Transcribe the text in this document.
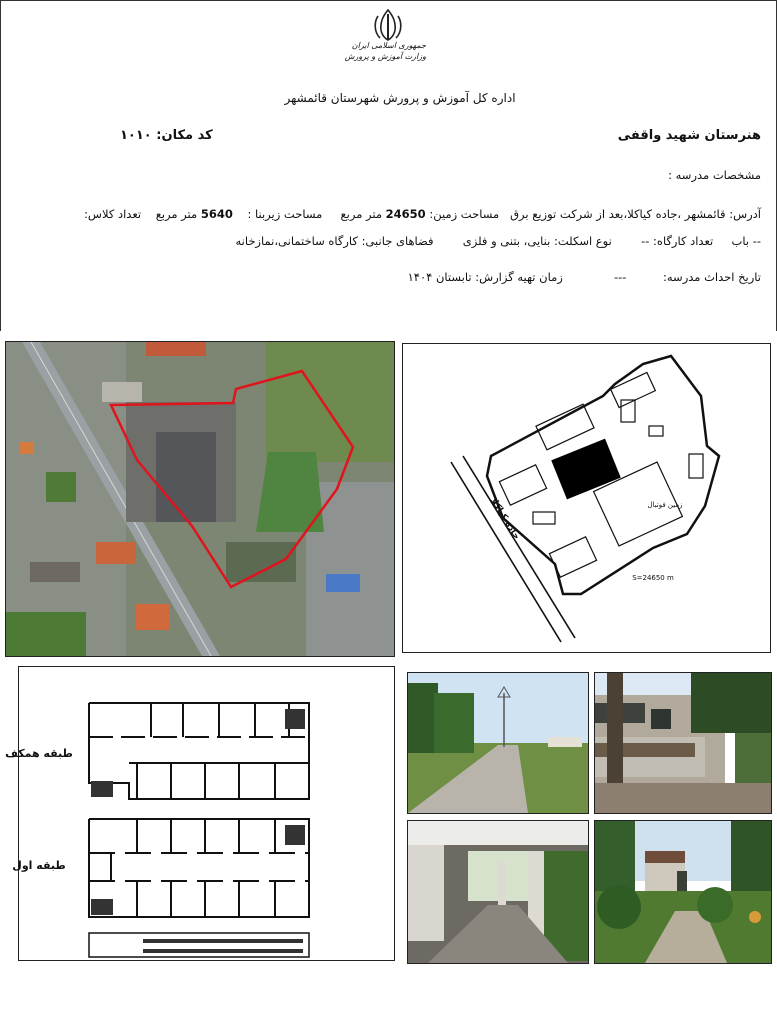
جمهوری اسلامی ایران
وزارت آموزش و پرورش
اداره کل آموزش و پرورش شهرستان قائمشهر
هنرستان شهید واقفی
کد مکان: ۱۰۱۰
مشخصات مدرسه :
آدرس: قائمشهر ،جاده کیاکلا،بعد از شرکت توزیع برق   مساحت زمین: 24650 متر مربع     مساحت زیربنا :    5640 متر مربع    تعداد کلاس:
-- باب     تعداد کارگاه: --        نوع اسکلت: بنایی، بتنی و فلزی        فضاهای جانبی: کارگاه ساختمانی،نمازخانه
تاریخ احداث مدرسه:          ---              زمان تهیه گزارش: تابستان ۱۴۰۴
زمین فوتبال
S=24650 m
جاده کیاکلا
طبقه همکف
طبقه اول
